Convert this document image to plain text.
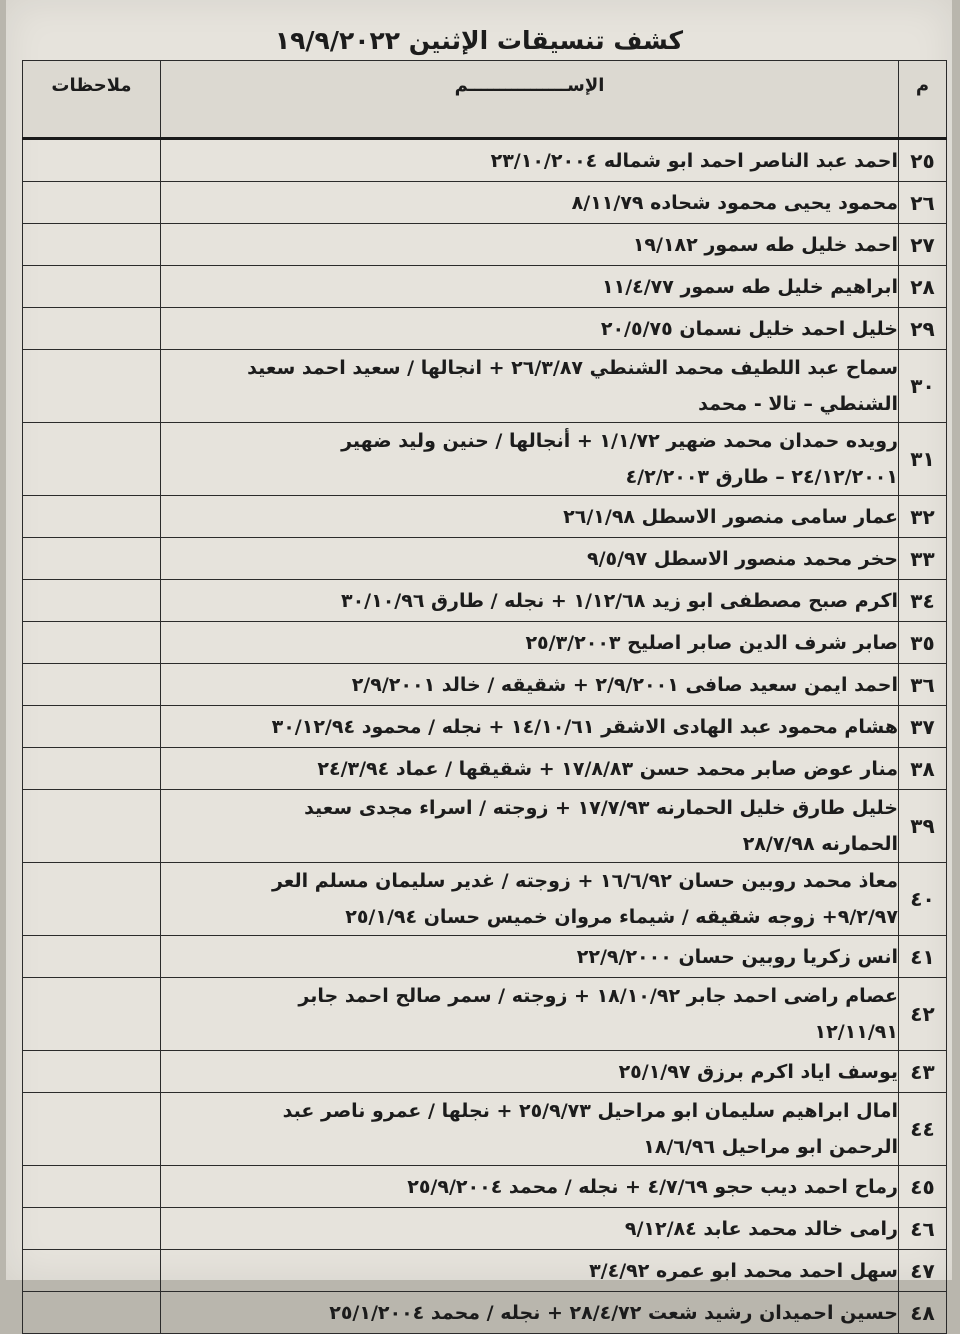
كشف تنسيقات الإثنين ١٩/٩/٢٠٢٢
م	الإســــــــــــــــم	ملاحظات
٢٥	احمد عبد الناصر احمد ابو شماله ٢٣/١٠/٢٠٠٤	
٢٦	محمود يحيى محمود شحاده ٨/١١/٧٩	
٢٧	احمد خليل طه سمور ١٩/١٨٢	
٢٨	ابراهيم خليل طه سمور ١١/٤/٧٧	
٢٩	خليل احمد خليل نسمان ٢٠/٥/٧٥	
٣٠	سماح عبد اللطيف محمد الشنطي ٢٦/٣/٨٧ + انجالها / سعيد احمد سعيد
الشنطي – تالا - محمد	
٣١	رويده حمدان محمد ضهير ١/١/٧٢ + أنجالها / حنين وليد ضهير
٢٤/١٢/٢٠٠١ – طارق ٤/٢/٢٠٠٣	
٣٢	عمار سامى منصور الاسطل ٢٦/١/٩٨	
٣٣	حخر محمد منصور الاسطل ٩/٥/٩٧	
٣٤	اكرم صبح مصطفى ابو زيد ١/١٢/٦٨ + نجله / طارق ٣٠/١٠/٩٦	
٣٥	صابر شرف الدين صابر اصليح ٢٥/٣/٢٠٠٣	
٣٦	احمد ايمن سعيد صافى ٢/٩/٢٠٠١ + شقيقه / خالد ٢/٩/٢٠٠١	
٣٧	هشام محمود عبد الهادى الاشقر ١٤/١٠/٦١ + نجله / محمود ٣٠/١٢/٩٤	
٣٨	منار عوض صابر محمد حسن ١٧/٨/٨٣ + شقيقها / عماد ٢٤/٣/٩٤	
٣٩	خليل طارق خليل الحمارنه ١٧/٧/٩٣ + زوجته / اسراء مجدى سعيد
الحمارنه ٢٨/٧/٩٨	
٤٠	معاذ محمد روبين حسان ١٦/٦/٩٢ + زوجته / غدير سليمان مسلم العر
٩/٢/٩٧+ زوجه شقيقه / شيماء مروان خميس حسان ٢٥/١/٩٤	
٤١	انس زكريا روبين حسان ٢٢/٩/٢٠٠٠	
٤٢	عصام راضى احمد جابر ١٨/١٠/٩٢ + زوجته / سمر صالح احمد جابر
١٢/١١/٩١	
٤٣	يوسف اياد اكرم برزق ٢٥/١/٩٧	
٤٤	امال ابراهيم سليمان ابو مراحيل ٢٥/٩/٧٣ + نجلها / عمرو ناصر عبد
الرحمن ابو مراحيل ١٨/٦/٩٦	
٤٥	رماح احمد ديب حجو ٤/٧/٦٩ + نجله / محمد ٢٥/٩/٢٠٠٤	
٤٦	رامى خالد محمد عابد ٩/١٢/٨٤	
٤٧	سهل احمد محمد ابو عمره ٣/٤/٩٢	
٤٨	حسين احميدان رشيد شعت ٢٨/٤/٧٢ + نجله / محمد ٢٥/١/٢٠٠٤	
